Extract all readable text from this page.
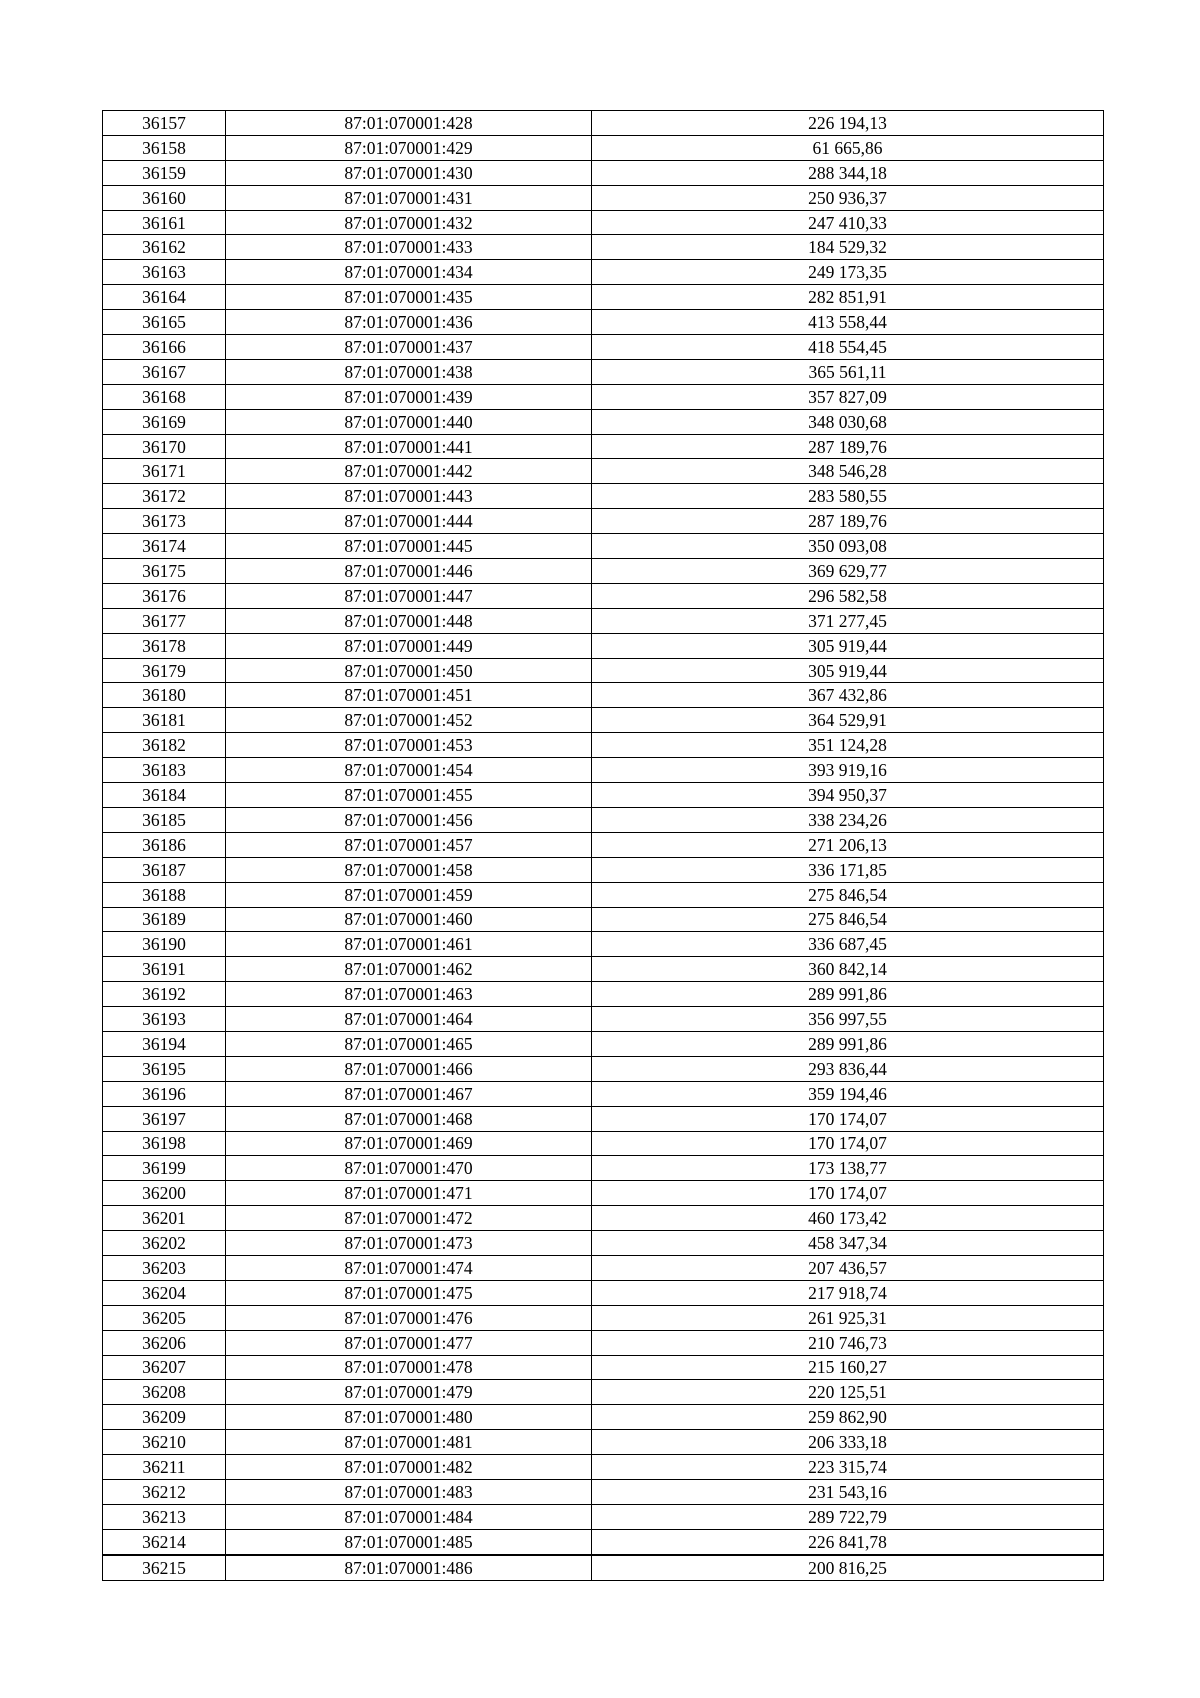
36157	87:01:070001:428	226 194,13
36158	87:01:070001:429	61 665,86
36159	87:01:070001:430	288 344,18
36160	87:01:070001:431	250 936,37
36161	87:01:070001:432	247 410,33
36162	87:01:070001:433	184 529,32
36163	87:01:070001:434	249 173,35
36164	87:01:070001:435	282 851,91
36165	87:01:070001:436	413 558,44
36166	87:01:070001:437	418 554,45
36167	87:01:070001:438	365 561,11
36168	87:01:070001:439	357 827,09
36169	87:01:070001:440	348 030,68
36170	87:01:070001:441	287 189,76
36171	87:01:070001:442	348 546,28
36172	87:01:070001:443	283 580,55
36173	87:01:070001:444	287 189,76
36174	87:01:070001:445	350 093,08
36175	87:01:070001:446	369 629,77
36176	87:01:070001:447	296 582,58
36177	87:01:070001:448	371 277,45
36178	87:01:070001:449	305 919,44
36179	87:01:070001:450	305 919,44
36180	87:01:070001:451	367 432,86
36181	87:01:070001:452	364 529,91
36182	87:01:070001:453	351 124,28
36183	87:01:070001:454	393 919,16
36184	87:01:070001:455	394 950,37
36185	87:01:070001:456	338 234,26
36186	87:01:070001:457	271 206,13
36187	87:01:070001:458	336 171,85
36188	87:01:070001:459	275 846,54
36189	87:01:070001:460	275 846,54
36190	87:01:070001:461	336 687,45
36191	87:01:070001:462	360 842,14
36192	87:01:070001:463	289 991,86
36193	87:01:070001:464	356 997,55
36194	87:01:070001:465	289 991,86
36195	87:01:070001:466	293 836,44
36196	87:01:070001:467	359 194,46
36197	87:01:070001:468	170 174,07
36198	87:01:070001:469	170 174,07
36199	87:01:070001:470	173 138,77
36200	87:01:070001:471	170 174,07
36201	87:01:070001:472	460 173,42
36202	87:01:070001:473	458 347,34
36203	87:01:070001:474	207 436,57
36204	87:01:070001:475	217 918,74
36205	87:01:070001:476	261 925,31
36206	87:01:070001:477	210 746,73
36207	87:01:070001:478	215 160,27
36208	87:01:070001:479	220 125,51
36209	87:01:070001:480	259 862,90
36210	87:01:070001:481	206 333,18
36211	87:01:070001:482	223 315,74
36212	87:01:070001:483	231 543,16
36213	87:01:070001:484	289 722,79
36214	87:01:070001:485	226 841,78
36215	87:01:070001:486	200 816,25
